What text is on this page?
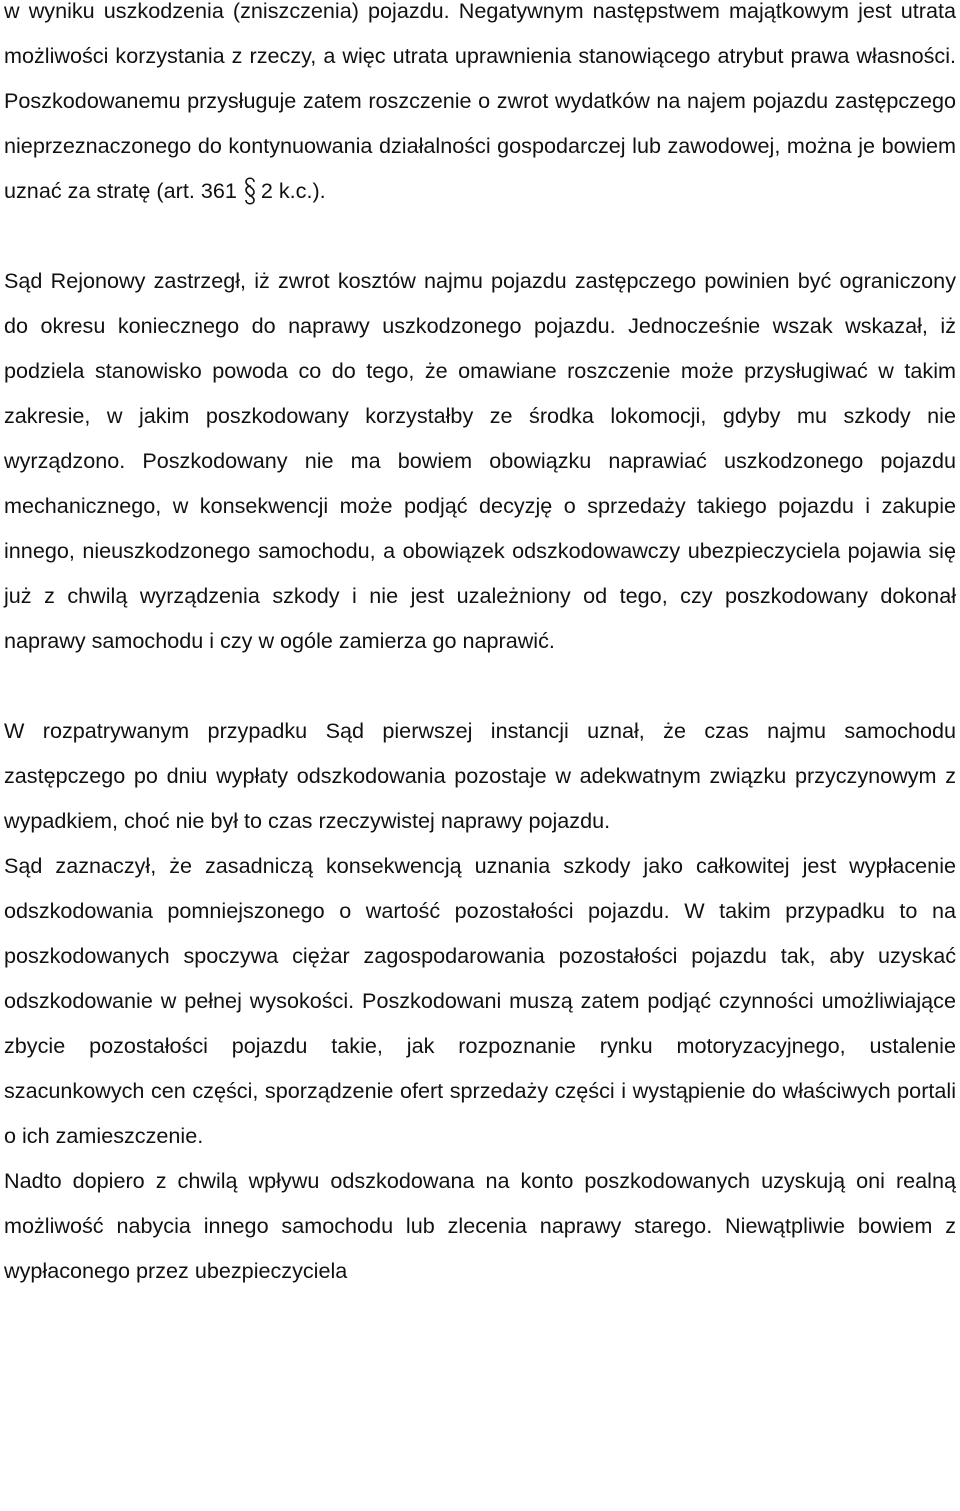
w wyniku uszkodzenia (zniszczenia) pojazdu. Negatywnym następstwem majątkowym jest utrata możliwości korzystania z rzeczy, a więc utrata uprawnienia stanowiącego atrybut prawa własności. Poszkodowanemu przysługuje zatem roszczenie o zwrot wydatków na najem pojazdu zastępczego nieprzeznaczonego do kontynuowania działalności gospodarczej lub zawodowej, można je bowiem uznać za stratę (art. 361 2 k.c.).

Sąd Rejonowy zastrzegł, iż zwrot kosztów najmu pojazdu zastępczego powinien być ograniczony do okresu koniecznego do naprawy uszkodzonego pojazdu. Jednocześnie wszak wskazał, iż podziela stanowisko powoda co do tego, że omawiane roszczenie może przysługiwać w takim zakresie, w jakim poszkodowany korzystałby ze środka lokomocji, gdyby mu szkody nie wyrządzono. Poszkodowany nie ma bowiem obowiązku naprawiać uszkodzonego pojazdu mechanicznego, w konsekwencji może podjąć decyzję o sprzedaży takiego pojazdu i zakupie innego, nieuszkodzonego samochodu, a obowiązek odszkodowawczy ubezpieczyciela pojawia się już z chwilą wyrządzenia szkody i nie jest uzależniony od tego, czy poszkodowany dokonał naprawy samochodu i czy w ogóle zamierza go naprawić.

W rozpatrywanym przypadku Sąd pierwszej instancji uznał, że czas najmu samochodu zastępczego po dniu wypłaty odszkodowania pozostaje w adekwatnym związku przyczynowym z wypadkiem, choć nie był to czas rzeczywistej naprawy pojazdu.

Sąd zaznaczył, że zasadniczą konsekwencją uznania szkody jako całkowitej jest wypłacenie odszkodowania pomniejszonego o wartość pozostałości pojazdu. W takim przypadku to na poszkodowanych spoczywa ciężar zagospodarowania pozostałości pojazdu tak, aby uzyskać odszkodowanie w pełnej wysokości. Poszkodowani muszą zatem podjąć czynności umożliwiające zbycie pozostałości pojazdu takie, jak rozpoznanie rynku motoryzacyjnego, ustalenie szacunkowych cen części, sporządzenie ofert sprzedaży części i wystąpienie do właściwych portali o ich zamieszczenie.

Nadto dopiero z chwilą wpływu odszkodowana na konto poszkodowanych uzyskują oni realną możliwość nabycia innego samochodu lub zlecenia naprawy starego. Niewątpliwie bowiem z wypłaconego przez ubezpieczyciela
